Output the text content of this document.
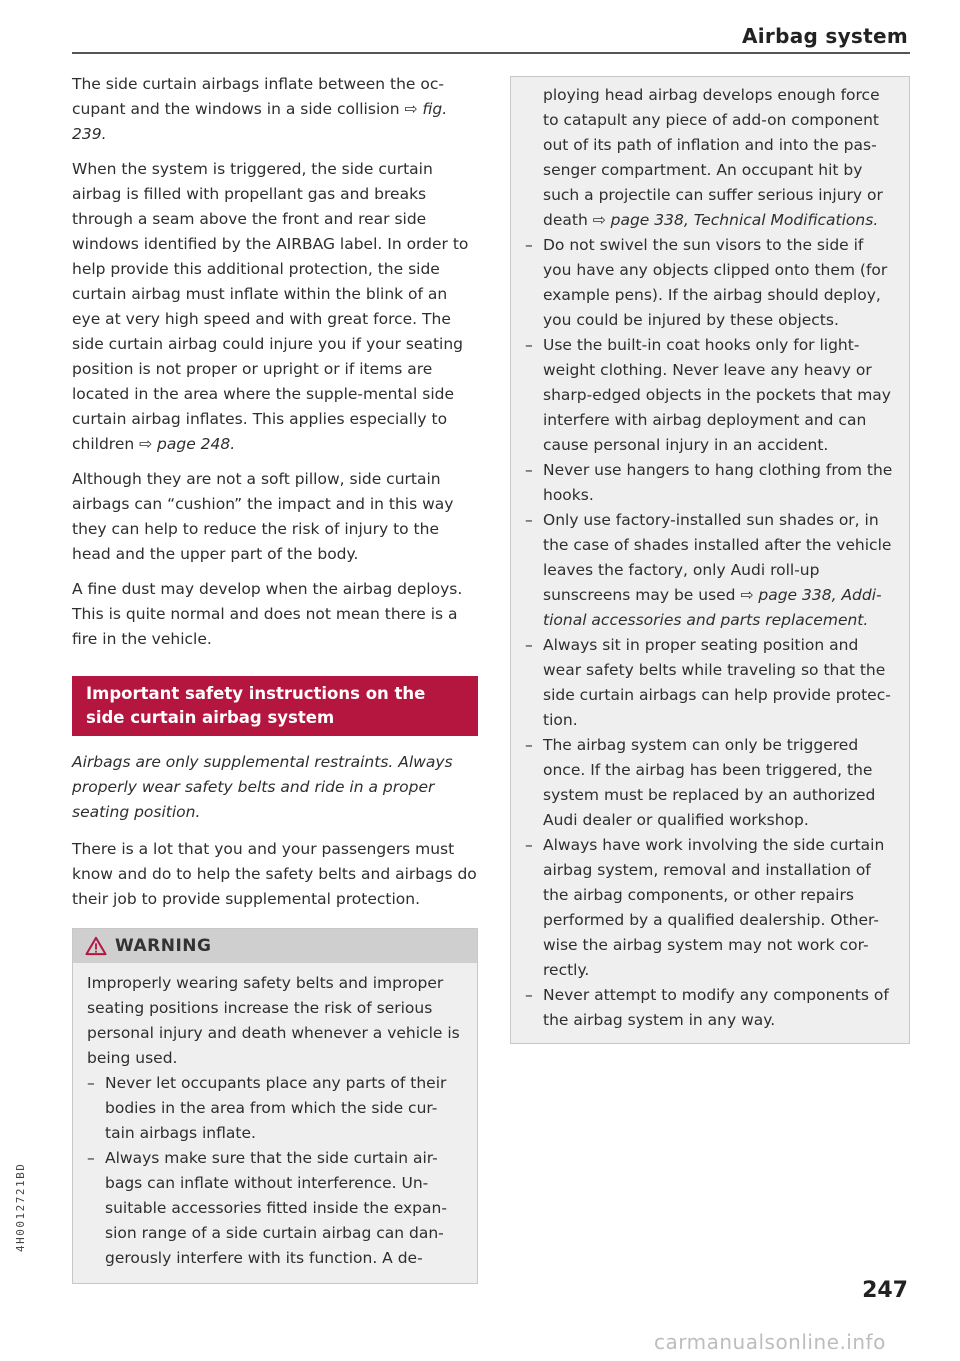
Airbag system

The side curtain airbags inflate between the oc-cupant and the windows in a side collision ⇨ fig. 239.

When the system is triggered, the side curtain airbag is filled with propellant gas and breaks through a seam above the front and rear side windows identified by the AIRBAG label. In order to help provide this additional protection, the side curtain airbag must inflate within the blink of an eye at very high speed and with great force. The side curtain airbag could injure you if your seating position is not proper or upright or if items are located in the area where the supple-mental side curtain airbag inflates. This applies especially to children ⇨ page 248.

Although they are not a soft pillow, side curtain airbags can “cushion” the impact and in this way they can help to reduce the risk of injury to the head and the upper part of the body.

A fine dust may develop when the airbag deploys. This is quite normal and does not mean there is a fire in the vehicle.

Important safety instructions on the side curtain airbag system

Airbags are only supplemental restraints. Always properly wear safety belts and ride in a proper seating position.

There is a lot that you and your passengers must know and do to help the safety belts and airbags do their job to provide supplemental protection.

WARNING

Improperly wearing safety belts and improper seating positions increase the risk of serious personal injury and death whenever a vehicle is being used.

– Never let occupants place any parts of their bodies in the area from which the side cur-tain airbags inflate.
– Always make sure that the side curtain air-bags can inflate without interference. Un-suitable accessories fitted inside the expan-sion range of a side curtain airbag can dan-gerously interfere with its function. A de-

ploying head airbag develops enough force to catapult any piece of add-on component out of its path of inflation and into the pas-senger compartment. An occupant hit by such a projectile can suffer serious injury or death ⇨ page 338, Technical Modifications.

– Do not swivel the sun visors to the side if you have any objects clipped onto them (for example pens). If the airbag should deploy, you could be injured by these objects.
– Use the built-in coat hooks only for light-weight clothing. Never leave any heavy or sharp-edged objects in the pockets that may interfere with airbag deployment and can cause personal injury in an accident.
– Never use hangers to hang clothing from the hooks.
– Only use factory-installed sun shades or, in the case of shades installed after the vehicle leaves the factory, only Audi roll-up sunscreens may be used ⇨ page 338, Addi-tional accessories and parts replacement.
– Always sit in proper seating position and wear safety belts while traveling so that the side curtain airbags can help provide protec-tion.
– The airbag system can only be triggered once. If the airbag has been triggered, the system must be replaced by an authorized Audi dealer or qualified workshop.
– Always have work involving the side curtain airbag system, removal and installation of the airbag components, or other repairs performed by a qualified dealership. Other-wise the airbag system may not work cor-rectly.
– Never attempt to modify any components of the airbag system in any way.
4H0012721BD
247
carmanualsonline.info
